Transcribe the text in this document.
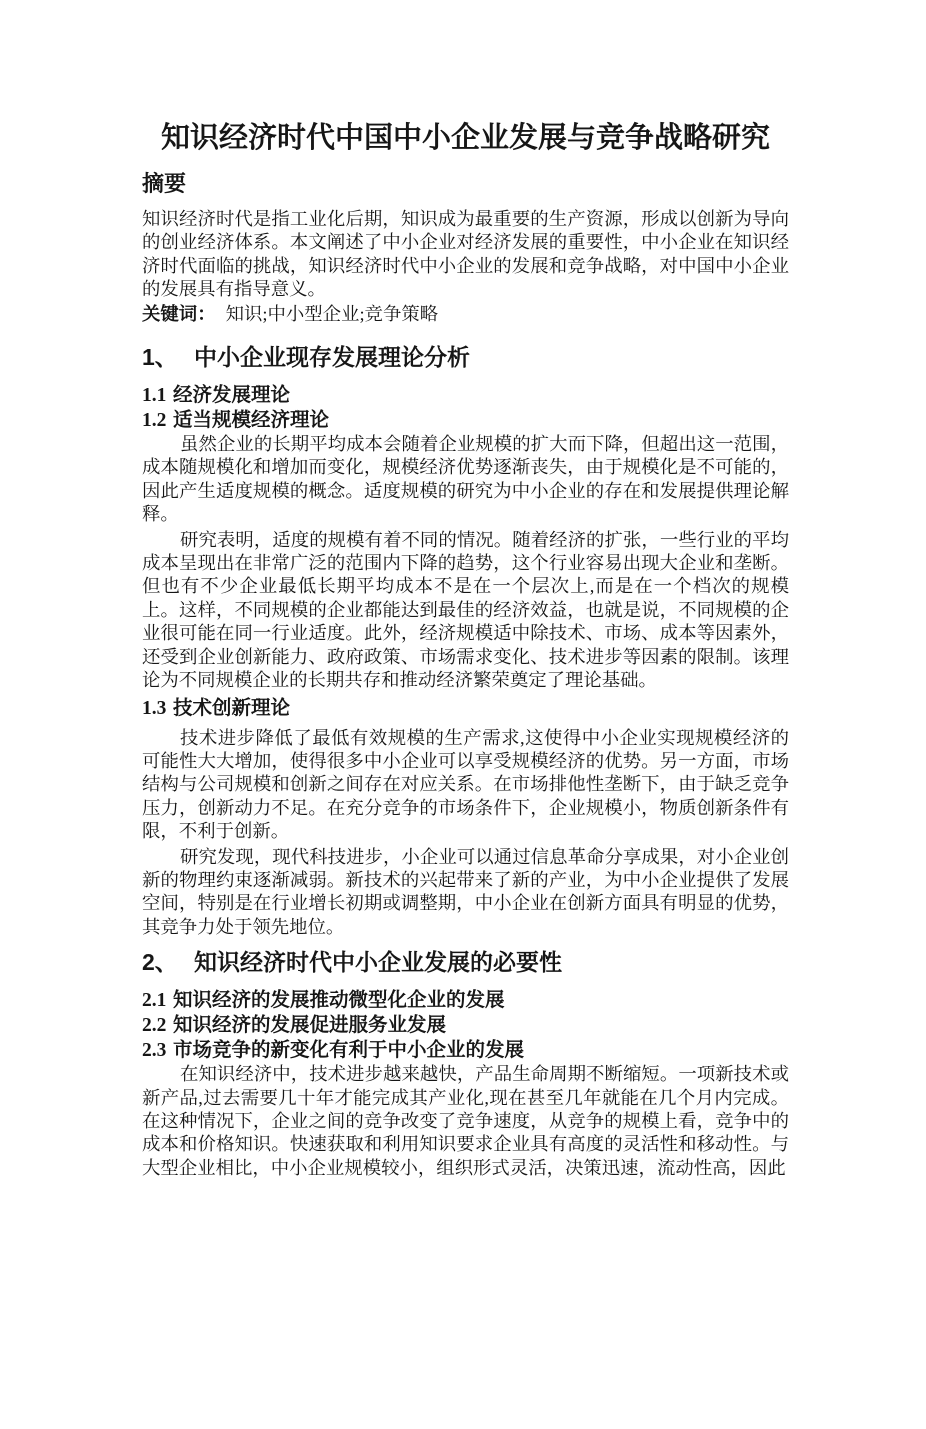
知识经济时代中国中小企业发展与竞争战略研究
摘要

知识经济时代是指工业化后期，知识成为最重要的生产资源，形成以创新为导向的创业经济体系。本文阐述了中小企业对经济发展的重要性，中小企业在知识经济时代面临的挑战，知识经济时代中小企业的发展和竞争战略，对中国中小企业的发展具有指导意义。

关键词： 知识;中小型企业;竞争策略

1、 中小企业现存发展理论分析
1.1 经济发展理论
1.2 适当规模经济理论

虽然企业的长期平均成本会随着企业规模的扩大而下降，但超出这一范围，成本随规模化和增加而变化，规模经济优势逐渐丧失，由于规模化是不可能的，因此产生适度规模的概念。适度规模的研究为中小企业的存在和发展提供理论解释。

研究表明，适度的规模有着不同的情况。随着经济的扩张，一些行业的平均成本呈现出在非常广泛的范围内下降的趋势，这个行业容易出现大企业和垄断。但也有不少企业最低长期平均成本不是在一个层次上,而是在一个档次的规模上。这样，不同规模的企业都能达到最佳的经济效益，也就是说，不同规模的企业很可能在同一行业适度。此外，经济规模适中除技术、市场、成本等因素外，还受到企业创新能力、政府政策、市场需求变化、技术进步等因素的限制。该理论为不同规模企业的长期共存和推动经济繁荣奠定了理论基础。

1.3 技术创新理论

技术进步降低了最低有效规模的生产需求,这使得中小企业实现规模经济的可能性大大增加，使得很多中小企业可以享受规模经济的优势。另一方面，市场结构与公司规模和创新之间存在对应关系。在市场排他性垄断下，由于缺乏竞争压力，创新动力不足。在充分竞争的市场条件下，企业规模小，物质创新条件有限，不利于创新。

研究发现，现代科技进步，小企业可以通过信息革命分享成果，对小企业创新的物理约束逐渐减弱。新技术的兴起带来了新的产业，为中小企业提供了发展空间，特别是在行业增长初期或调整期，中小企业在创新方面具有明显的优势，其竞争力处于领先地位。

2、 知识经济时代中小企业发展的必要性
2.1 知识经济的发展推动微型化企业的发展
2.2 知识经济的发展促进服务业发展
2.3 市场竞争的新变化有利于中小企业的发展

在知识经济中，技术进步越来越快，产品生命周期不断缩短。一项新技术或新产品,过去需要几十年才能完成其产业化,现在甚至几年就能在几个月内完成。在这种情况下，企业之间的竞争改变了竞争速度，从竞争的规模上看，竞争中的成本和价格知识。快速获取和利用知识要求企业具有高度的灵活性和移动性。与大型企业相比，中小企业规模较小，组织形式灵活，决策迅速，流动性高，因此
